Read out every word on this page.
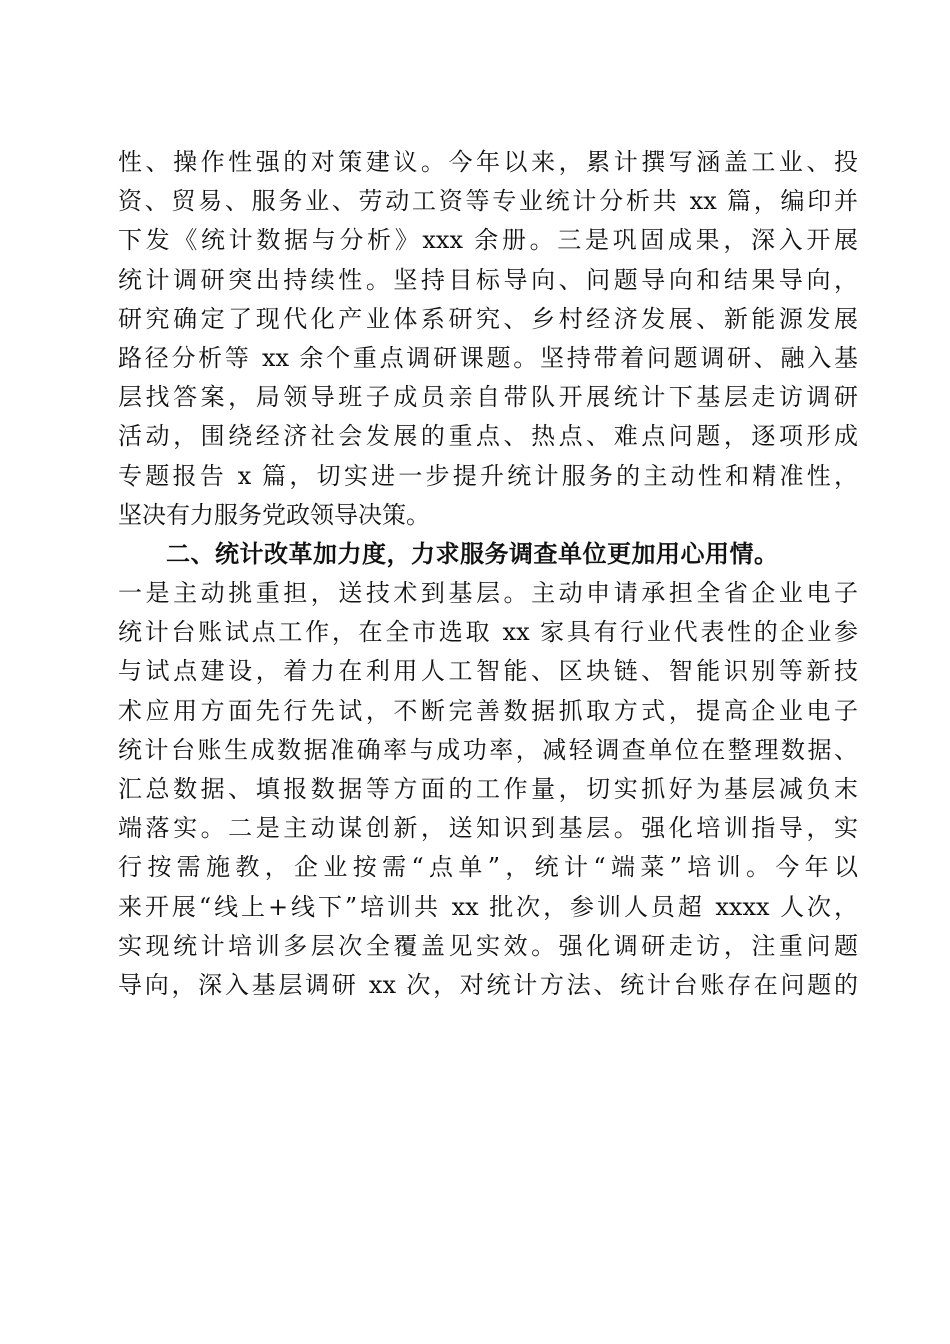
性、操作性强的对策建议。今年以来，累计撰写涵盖工业、投
资、贸易、服务业、劳动工资等专业统计分析共 xx 篇，编印并
下发《统计数据与分析》xxx 余册。三是巩固成果，深入开展
统计调研突出持续性。坚持目标导向、问题导向和结果导向，
研究确定了现代化产业体系研究、乡村经济发展、新能源发展
路径分析等 xx 余个重点调研课题。坚持带着问题调研、融入基
层找答案，局领导班子成员亲自带队开展统计下基层走访调研
活动，围绕经济社会发展的重点、热点、难点问题，逐项形成
专题报告 x 篇，切实进一步提升统计服务的主动性和精准性，
坚决有力服务党政领导决策。
二、统计改革加力度，力求服务调查单位更加用心用情。
一是主动挑重担，送技术到基层。主动申请承担全省企业电子
统计台账试点工作，在全市选取 xx 家具有行业代表性的企业参
与试点建设，着力在利用人工智能、区块链、智能识别等新技
术应用方面先行先试，不断完善数据抓取方式，提高企业电子
统计台账生成数据准确率与成功率，减轻调查单位在整理数据、
汇总数据、填报数据等方面的工作量，切实抓好为基层减负末
端落实。二是主动谋创新，送知识到基层。强化培训指导，实
行按需施教，企业按需“点单”，统计“端菜”培训。今年以
来开展“线上+线下”培训共 xx 批次，参训人员超 xxxx 人次，
实现统计培训多层次全覆盖见实效。强化调研走访，注重问题
导向，深入基层调研 xx 次，对统计方法、统计台账存在问题的
